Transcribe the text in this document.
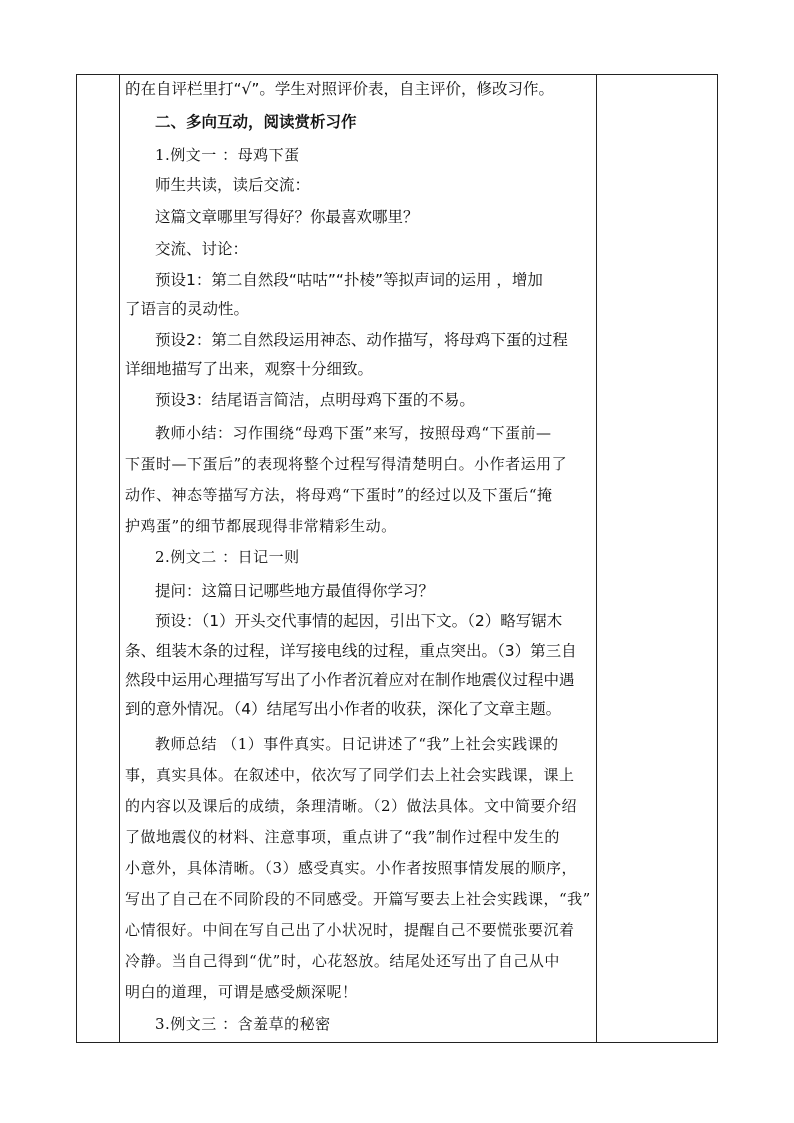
的在自评栏里打“√”。学生对照评价表，自主评价，修改习作。
二、多向互动，阅读赏析习作
1.例文一 ：母鸡下蛋
师生共读，读后交流：
这篇文章哪里写得好？你最喜欢哪里？
交流、讨论：
预设1：第二自然段“咕咕”“扑棱”等拟声词的运用 ，增加
了语言的灵动性。
预设2：第二自然段运用神态、动作描写，将母鸡下蛋的过程
详细地描写了出来，观察十分细致。
预设3：结尾语言简洁，点明母鸡下蛋的不易。
教师小结：习作围绕“母鸡下蛋”来写，按照母鸡“下蛋前—
下蛋时—下蛋后”的表现将整个过程写得清楚明白。小作者运用了
动作、神态等描写方法，将母鸡“下蛋时”的经过以及下蛋后“掩
护鸡蛋”的细节都展现得非常精彩生动。
2.例文二 ：日记一则
提问：这篇日记哪些地方最值得你学习？
预设：（1）开头交代事情的起因，引出下文。（2）略写锯木
条、组装木条的过程，详写接电线的过程，重点突出。（3）第三自
然段中运用心理描写写出了小作者沉着应对在制作地震仪过程中遇
到的意外情况。（4）结尾写出小作者的收获，深化了文章主题。
教师总结 （1）事件真实。日记讲述了“我”上社会实践课的
事，真实具体。在叙述中，依次写了同学们去上社会实践课，课上
的内容以及课后的成绩，条理清晰。（2）做法具体。文中简要介绍
了做地震仪的材料、注意事项，重点讲了“我”制作过程中发生的
小意外，具体清晰。（3）感受真实。小作者按照事情发展的顺序，
写出了自己在不同阶段的不同感受。开篇写要去上社会实践课，“我”
心情很好。中间在写自己出了小状况时，提醒自己不要慌张要沉着
冷静。当自己得到“优”时，心花怒放。结尾处还写出了自己从中
明白的道理，可谓是感受颇深呢！
3.例文三 ：含羞草的秘密
